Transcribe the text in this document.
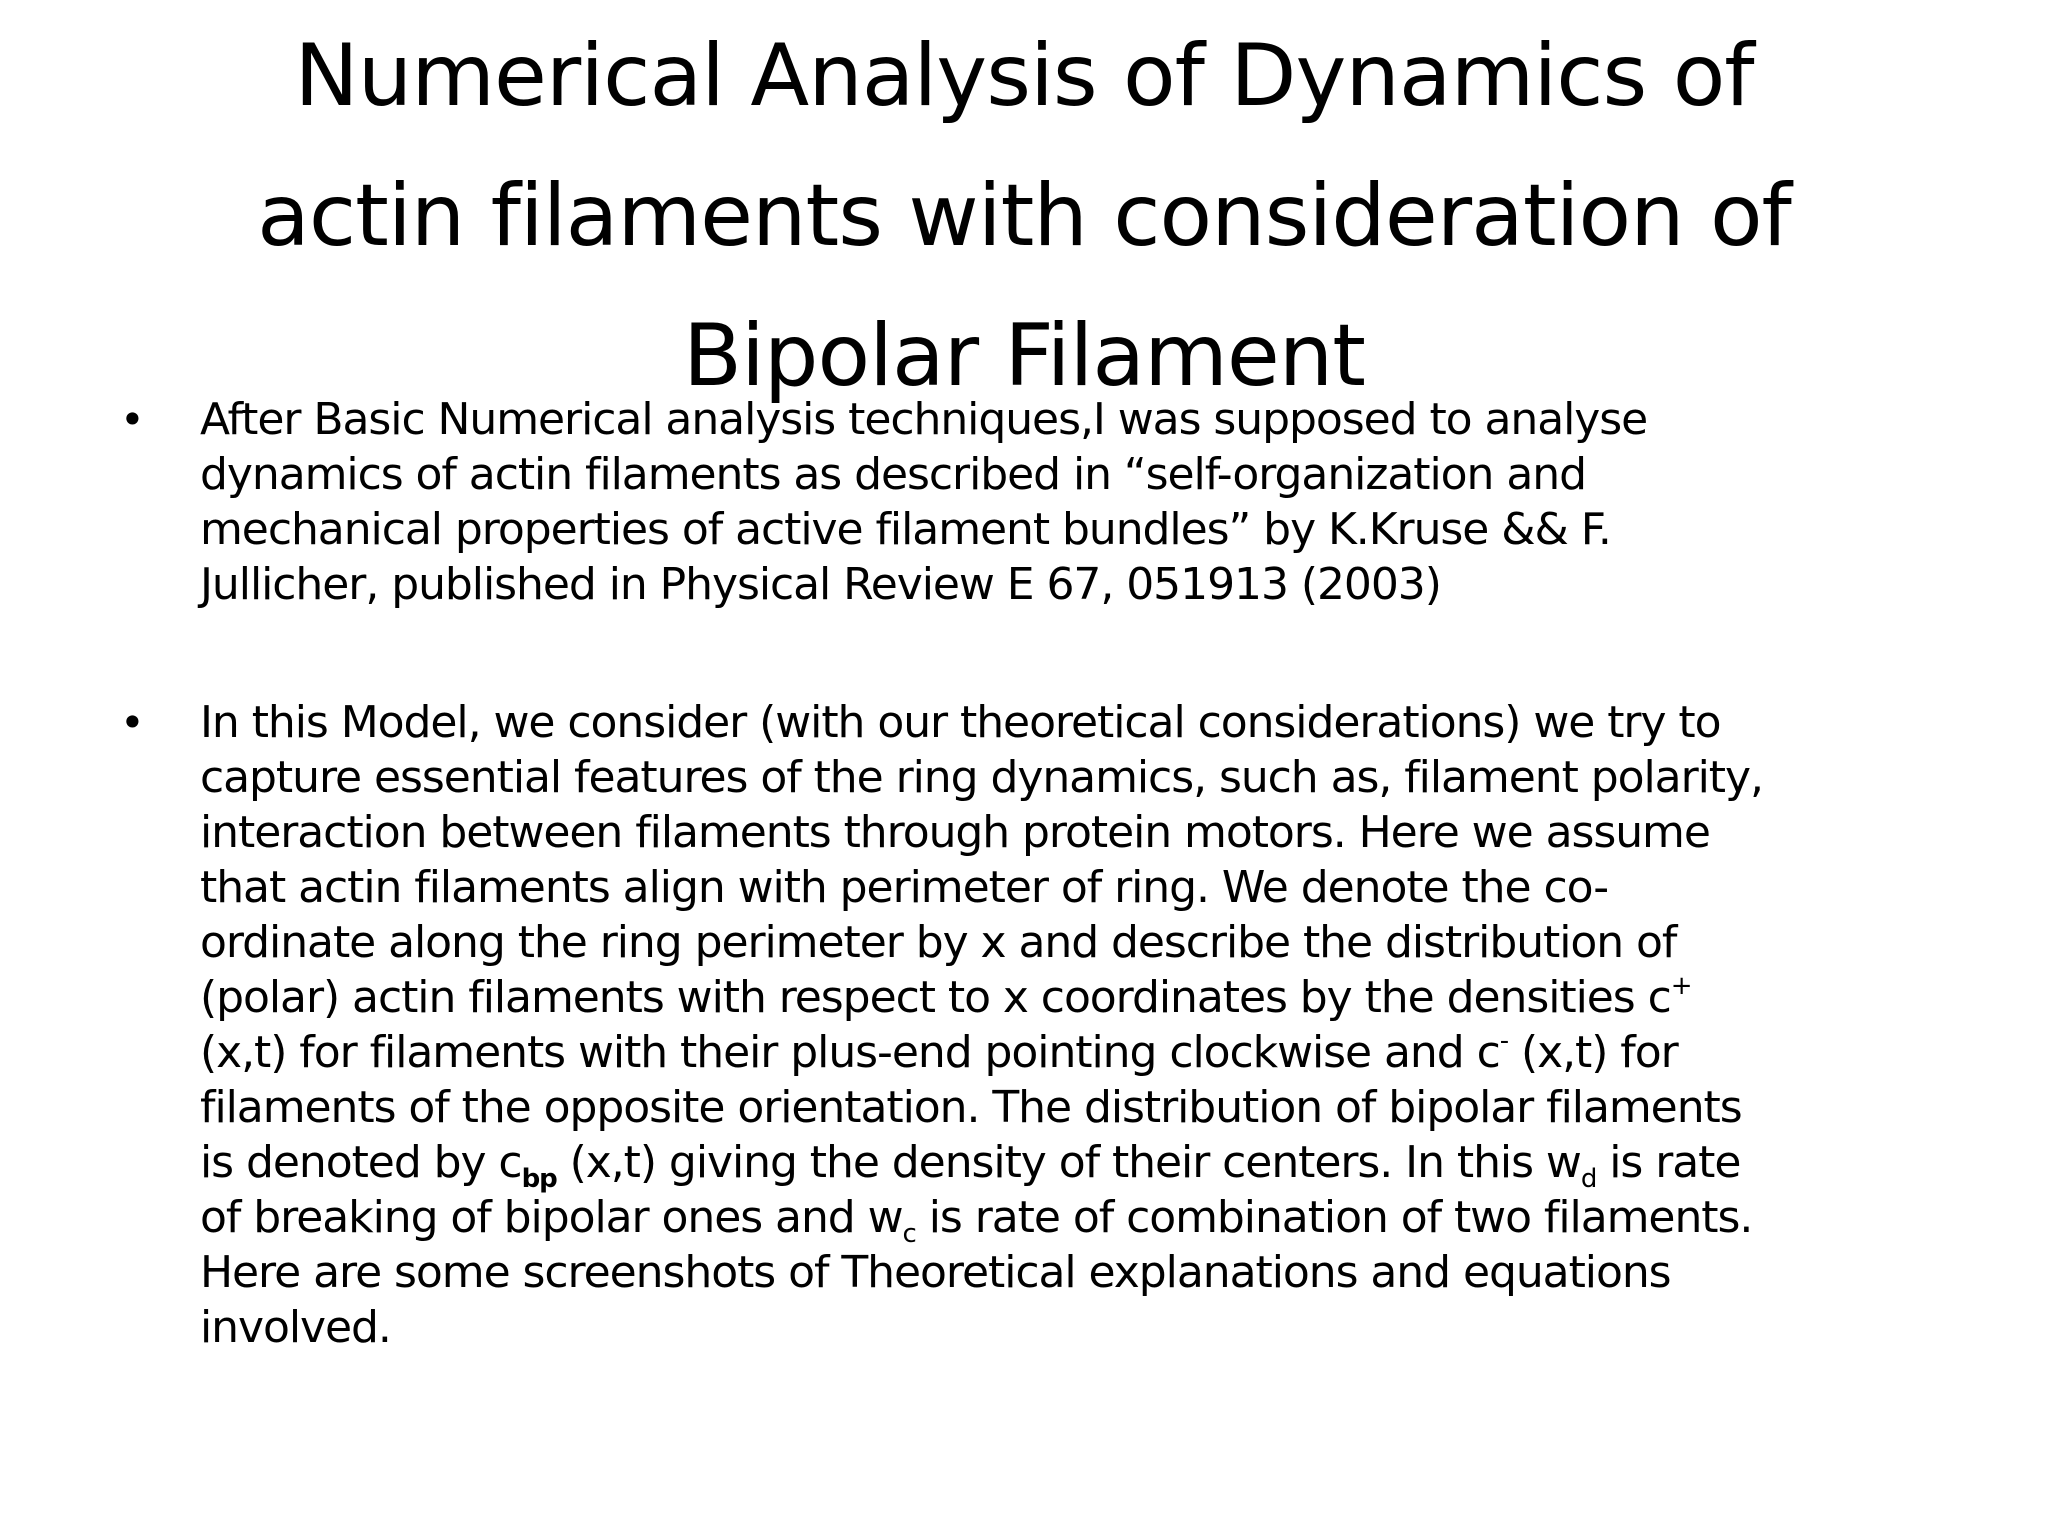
Numerical Analysis of Dynamics of
actin filaments with consideration of
Bipolar Filament
• After Basic Numerical analysis techniques,I was supposed to analyse
dynamics of actin filaments as described in “self-organization and
mechanical properties of active filament bundles” by K.Kruse && F.
Jullicher, published in Physical Review E 67, 051913 (2003)

• In this Model, we consider (with our theoretical considerations) we try to
capture essential features of the ring dynamics, such as, filament polarity,
interaction between filaments through protein motors. Here we assume
that actin filaments align with perimeter of ring. We denote the co-
ordinate along the ring perimeter by x and describe the distribution of
(polar) actin filaments with respect to x coordinates by the densities c+
(x,t) for filaments with their plus-end pointing clockwise and c- (x,t) for
filaments of the opposite orientation. The distribution of bipolar filaments
is denoted by $c_{bp}$ (x,t) giving the density of their centers. In this $w_d$ is rate
of breaking of bipolar ones and $w_c$ is rate of combination of two filaments.
Here are some screenshots of Theoretical explanations and equations
involved.
